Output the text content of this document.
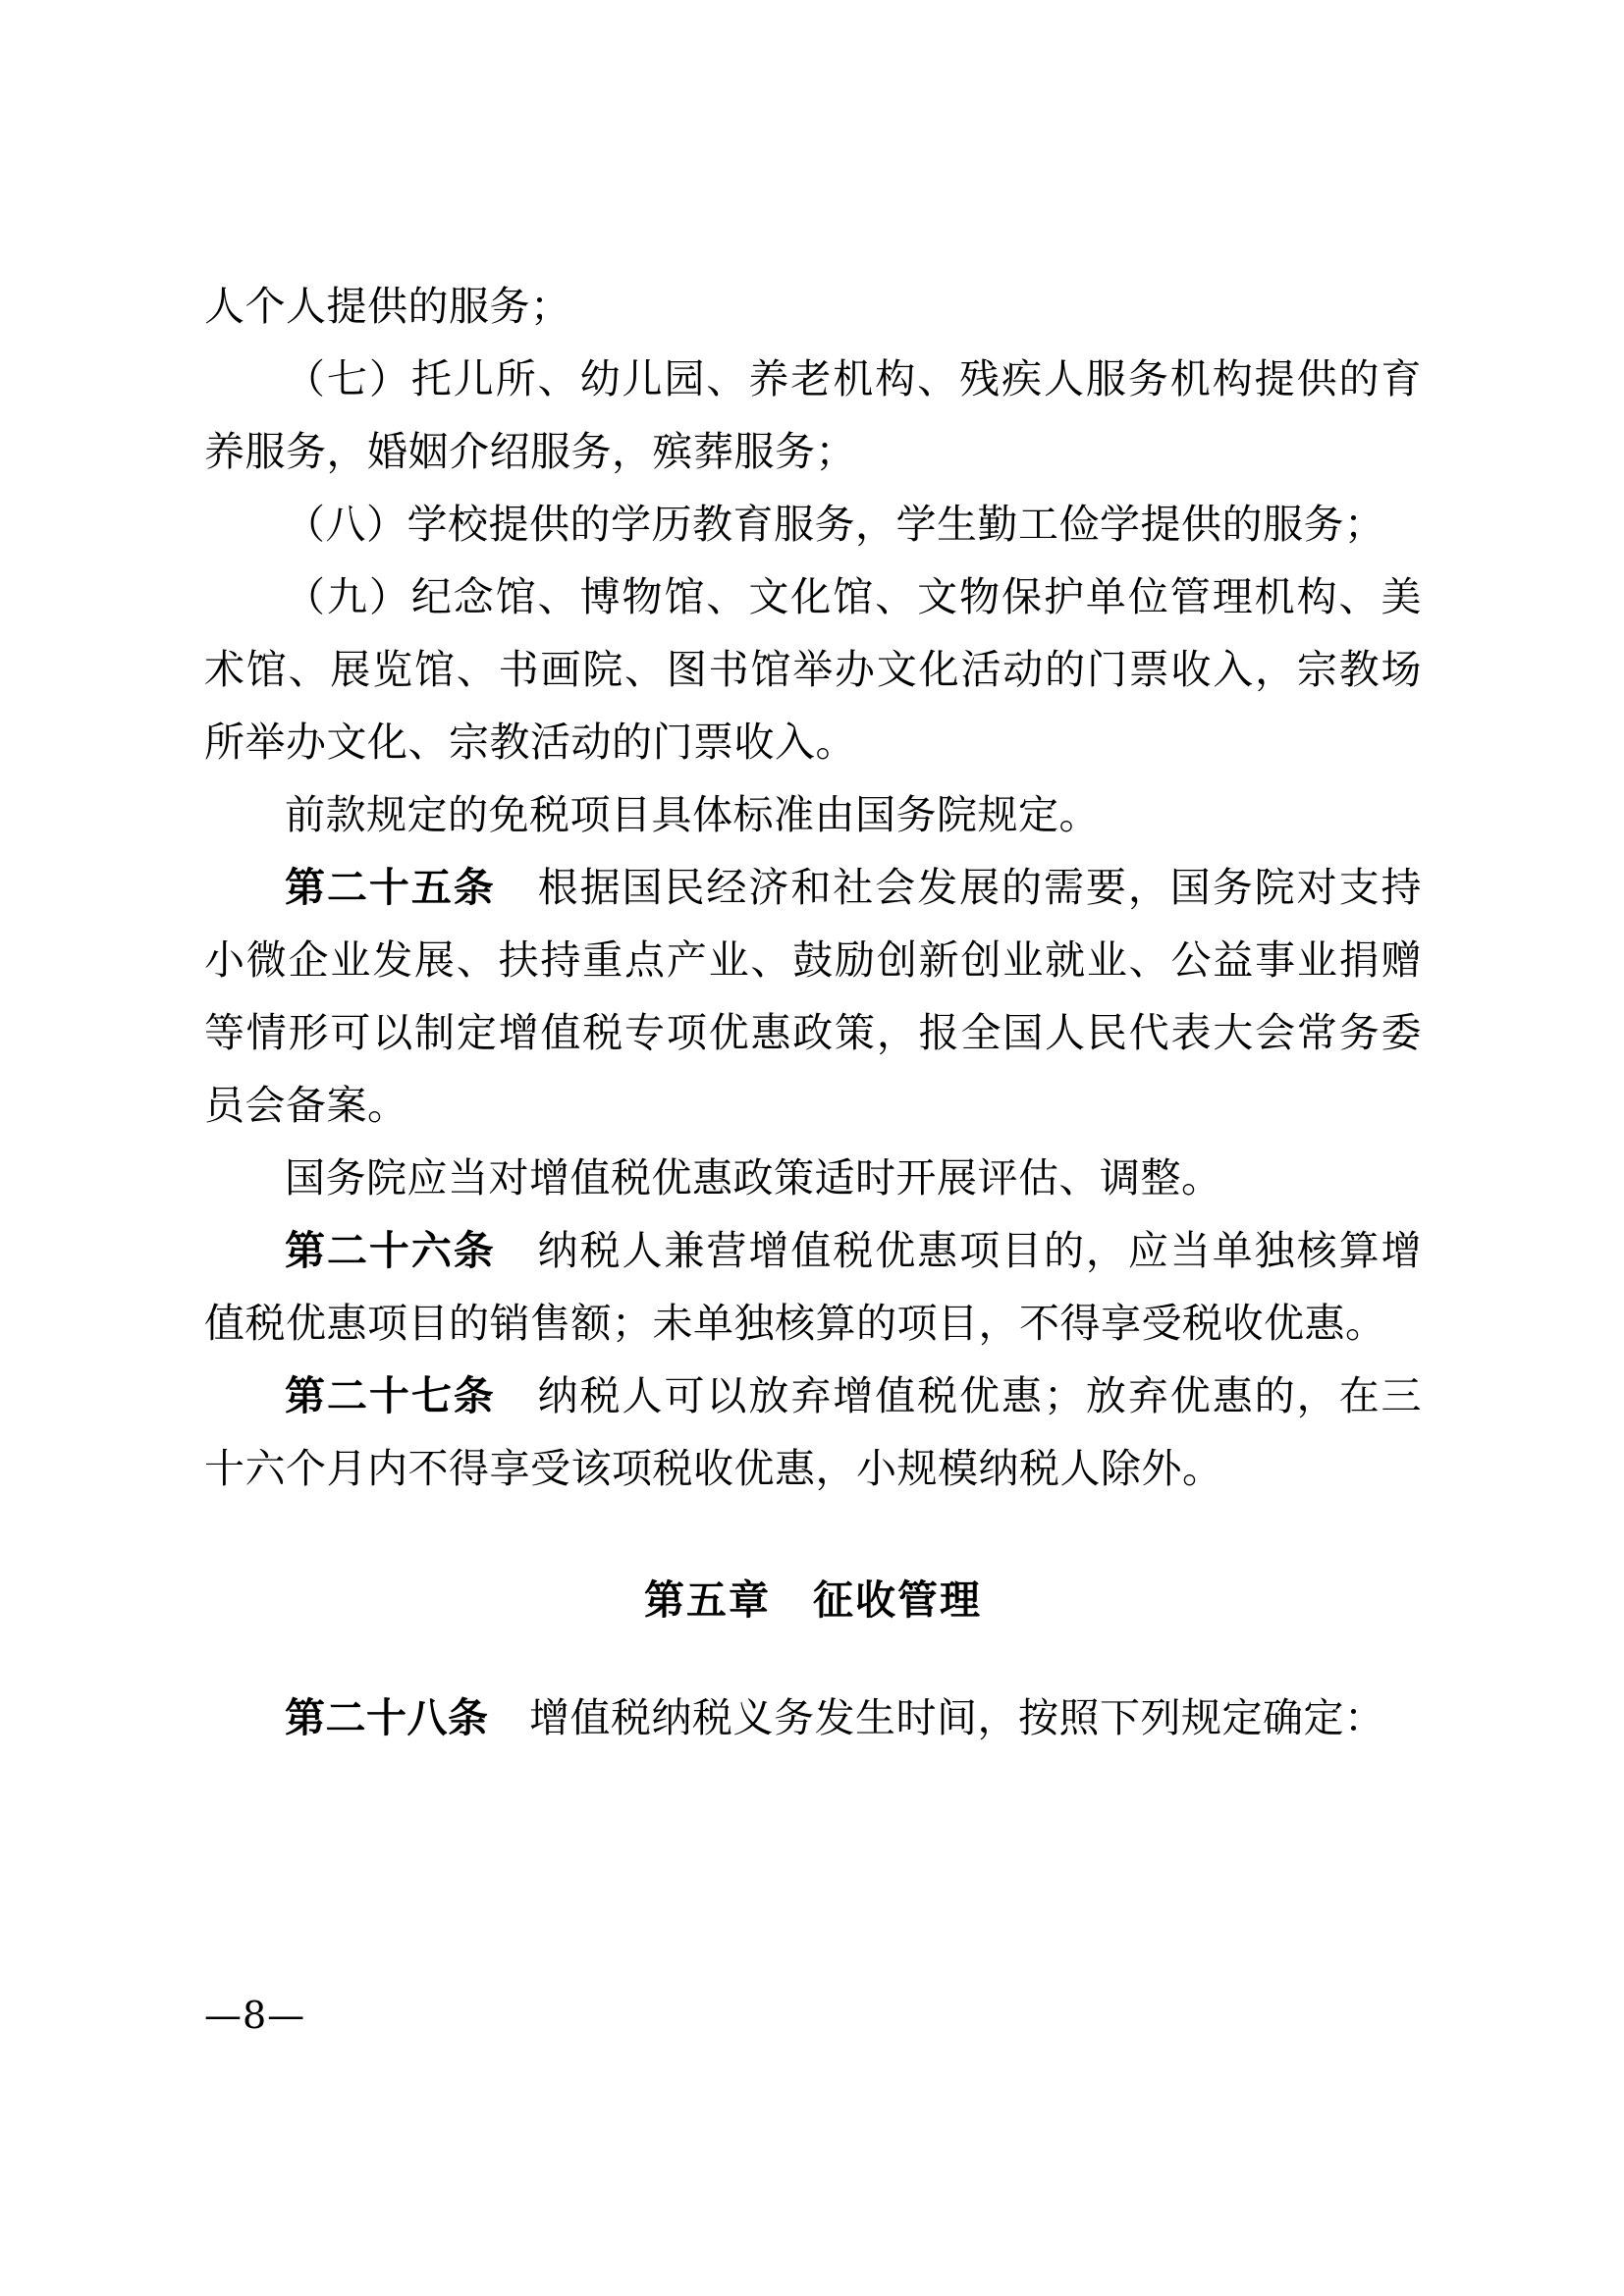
人个人提供的服务；

（七）托儿所、幼儿园、养老机构、残疾人服务机构提供的育养服务，婚姻介绍服务，殡葬服务；

（八）学校提供的学历教育服务，学生勤工俭学提供的服务；

（九）纪念馆、博物馆、文化馆、文物保护单位管理机构、美术馆、展览馆、书画院、图书馆举办文化活动的门票收入，宗教场所举办文化、宗教活动的门票收入。

前款规定的免税项目具体标准由国务院规定。

第二十五条　根据国民经济和社会发展的需要，国务院对支持小微企业发展、扶持重点产业、鼓励创新创业就业、公益事业捐赠等情形可以制定增值税专项优惠政策，报全国人民代表大会常务委员会备案。

国务院应当对增值税优惠政策适时开展评估、调整。

第二十六条　纳税人兼营增值税优惠项目的，应当单独核算增值税优惠项目的销售额；未单独核算的项目，不得享受税收优惠。

第二十七条　纳税人可以放弃增值税优惠；放弃优惠的，在三十六个月内不得享受该项税收优惠，小规模纳税人除外。

第五章　征收管理

第二十八条　增值税纳税义务发生时间，按照下列规定确定：

—8—
